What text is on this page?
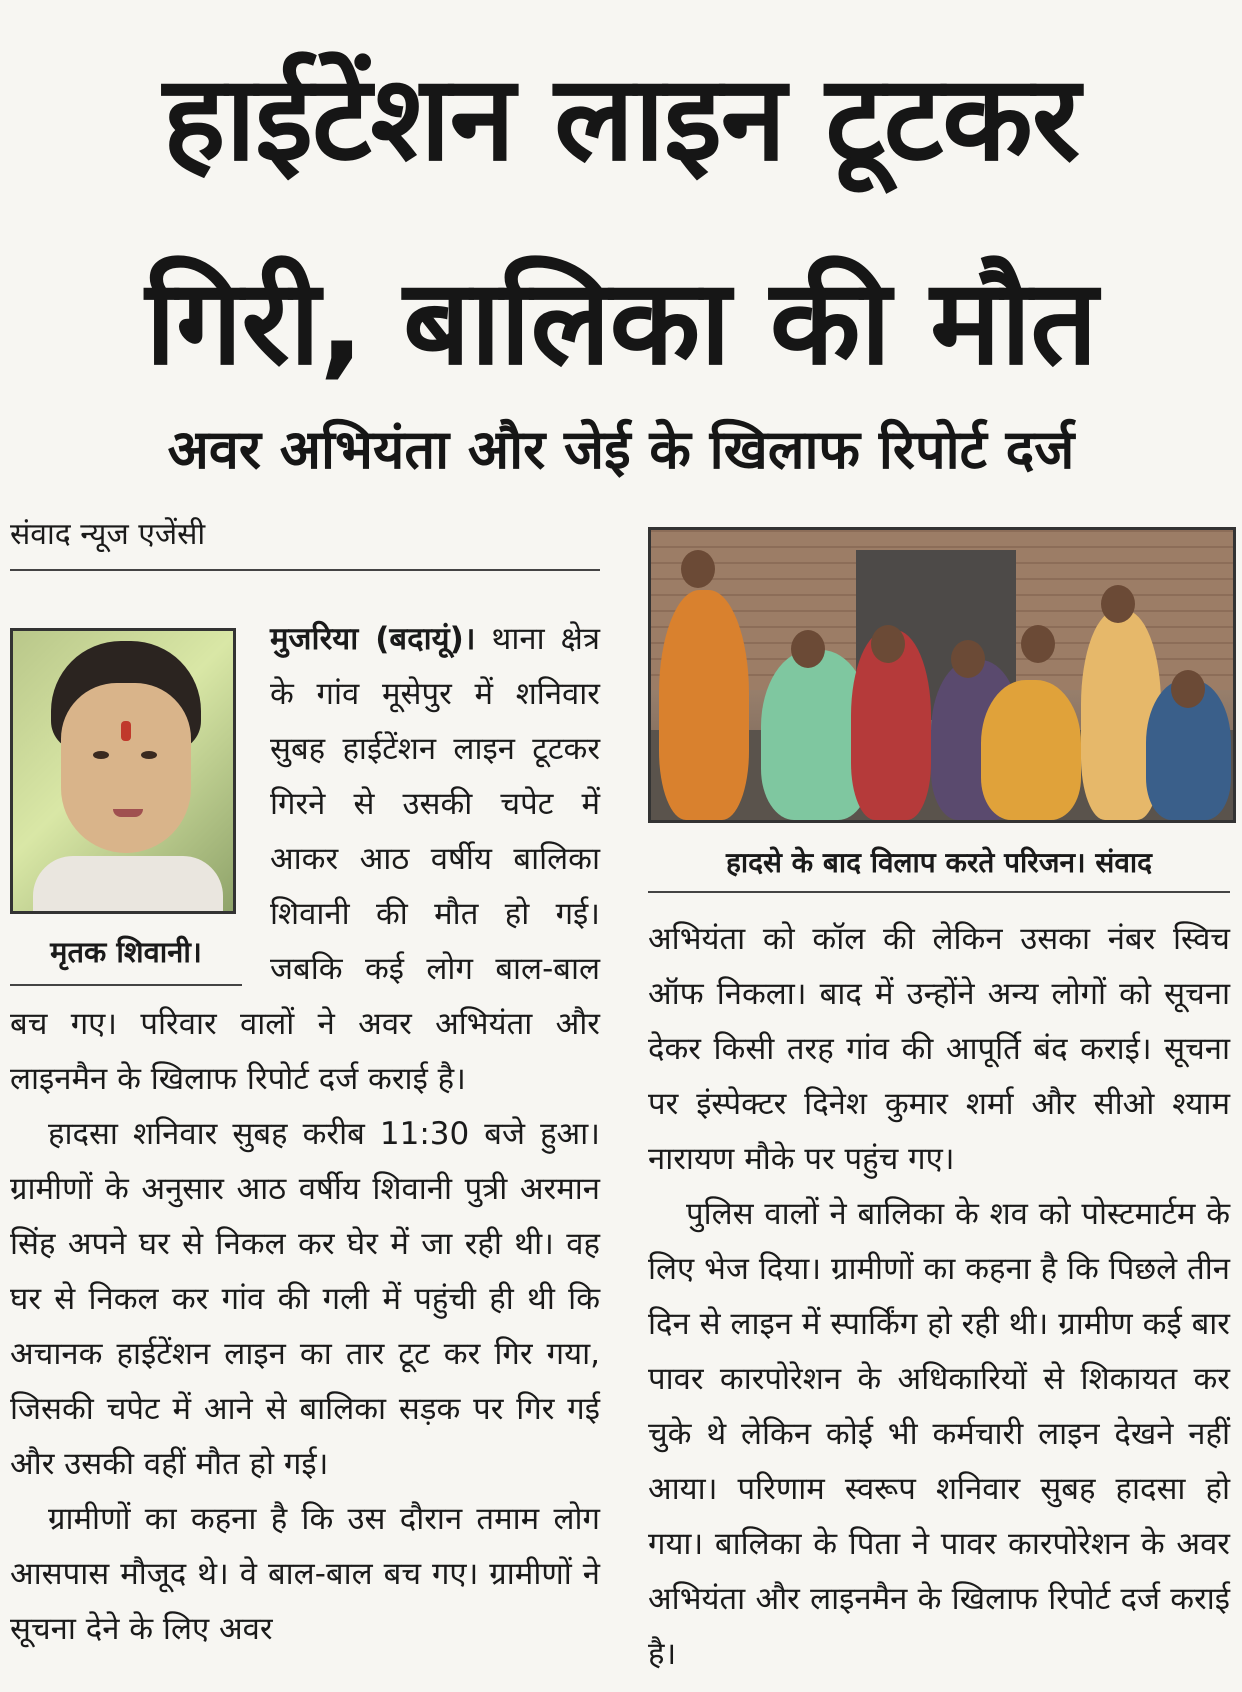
हाईटेंशन लाइन टूटकर
गिरी, बालिका की मौत
अवर अभियंता और जेई के खिलाफ रिपोर्ट दर्ज
संवाद न्यूज एजेंसी
मृतक शिवानी।

मुजरिया (बदायूं)। थाना क्षेत्र के गांव मूसेपुर में शनिवार सुबह हाईटेंशन लाइन टूटकर गिरने से उसकी चपेट में आकर आठ वर्षीय बालिका शिवानी की मौत हो गई। जबकि कई लोग बाल-बाल बच गए। परिवार वालों ने अवर अभियंता और लाइनमैन के खिलाफ रिपोर्ट दर्ज कराई है।

हादसा शनिवार सुबह करीब 11:30 बजे हुआ। ग्रामीणों के अनुसार आठ वर्षीय शिवानी पुत्री अरमान सिंह अपने घर से निकल कर घेर में जा रही थी। वह घर से निकल कर गांव की गली में पहुंची ही थी कि अचानक हाईटेंशन लाइन का तार टूट कर गिर गया, जिसकी चपेट में आने से बालिका सड़क पर गिर गई और उसकी वहीं मौत हो गई।

ग्रामीणों का कहना है कि उस दौरान तमाम लोग आसपास मौजूद थे। वे बाल-बाल बच गए। ग्रामीणों ने सूचना देने के लिए अवर

हादसे के बाद विलाप करते परिजन। संवाद

अभियंता को कॉल की लेकिन उसका नंबर स्विच ऑफ निकला। बाद में उन्होंने अन्य लोगों को सूचना देकर किसी तरह गांव की आपूर्ति बंद कराई। सूचना पर इंस्पेक्टर दिनेश कुमार शर्मा और सीओ श्याम नारायण मौके पर पहुंच गए।

पुलिस वालों ने बालिका के शव को पोस्टमार्टम के लिए भेज दिया। ग्रामीणों का कहना है कि पिछले तीन दिन से लाइन में स्पार्किंग हो रही थी। ग्रामीण कई बार पावर कारपोरेशन के अधिकारियों से शिकायत कर चुके थे लेकिन कोई भी कर्मचारी लाइन देखने नहीं आया। परिणाम स्वरूप शनिवार सुबह हादसा हो गया। बालिका के पिता ने पावर कारपोरेशन के अवर अभियंता और लाइनमैन के खिलाफ रिपोर्ट दर्ज कराई है।
